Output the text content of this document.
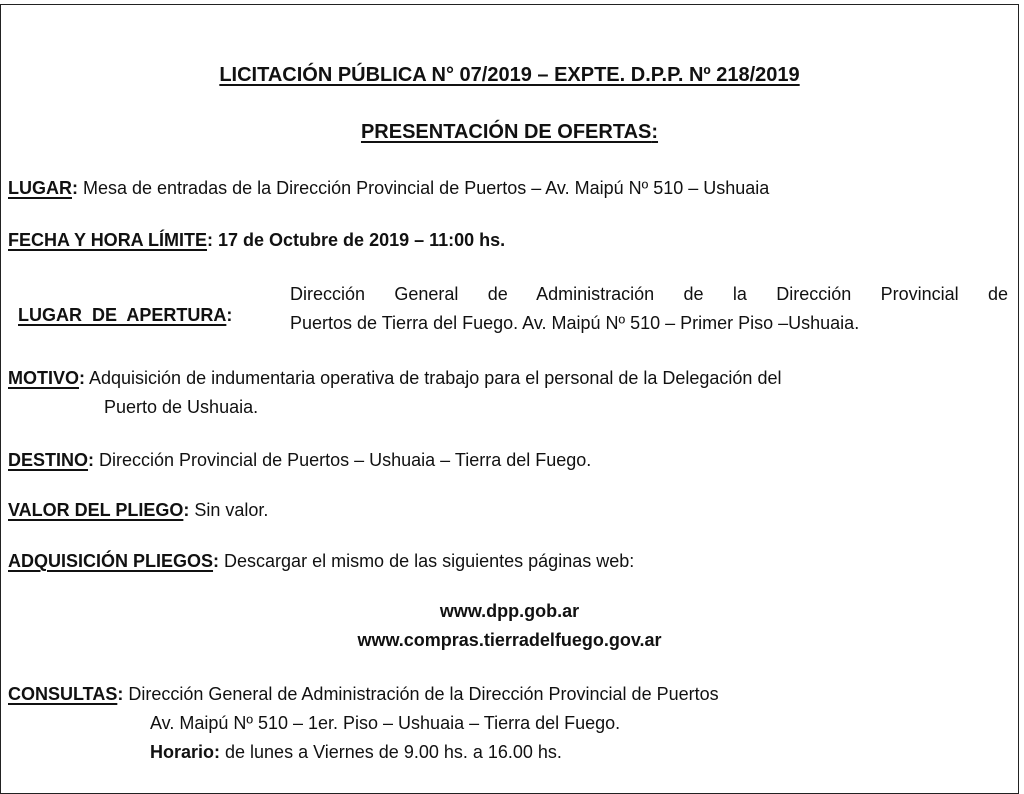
LICITACIÓN PÚBLICA N° 07/2019 – EXPTE. D.P.P. Nº 218/2019
PRESENTACIÓN DE OFERTAS:
LUGAR: Mesa de entradas de la Dirección Provincial de Puertos – Av. Maipú Nº 510 – Ushuaia
FECHA Y HORA LÍMITE: 17 de Octubre de 2019 – 11:00 hs.

LUGAR  DE  APERTURA:

Dirección General de Administración de la Dirección Provincial de
Puertos de Tierra del Fuego. Av. Maipú Nº 510 – Primer Piso –Ushuaia.
MOTIVO: Adquisición de indumentaria operativa de trabajo para el personal de la Delegación del
Puerto de Ushuaia.
DESTINO: Dirección Provincial de Puertos – Ushuaia – Tierra del Fuego.
VALOR DEL PLIEGO: Sin valor.
ADQUISICIÓN PLIEGOS: Descargar el mismo de las siguientes páginas web:
www.dpp.gob.ar
www.compras.tierradelfuego.gov.ar
CONSULTAS: Dirección General de Administración de la Dirección Provincial de Puertos
Av. Maipú Nº 510 – 1er. Piso – Ushuaia – Tierra del Fuego.
Horario: de lunes a Viernes de 9.00 hs. a 16.00 hs.
